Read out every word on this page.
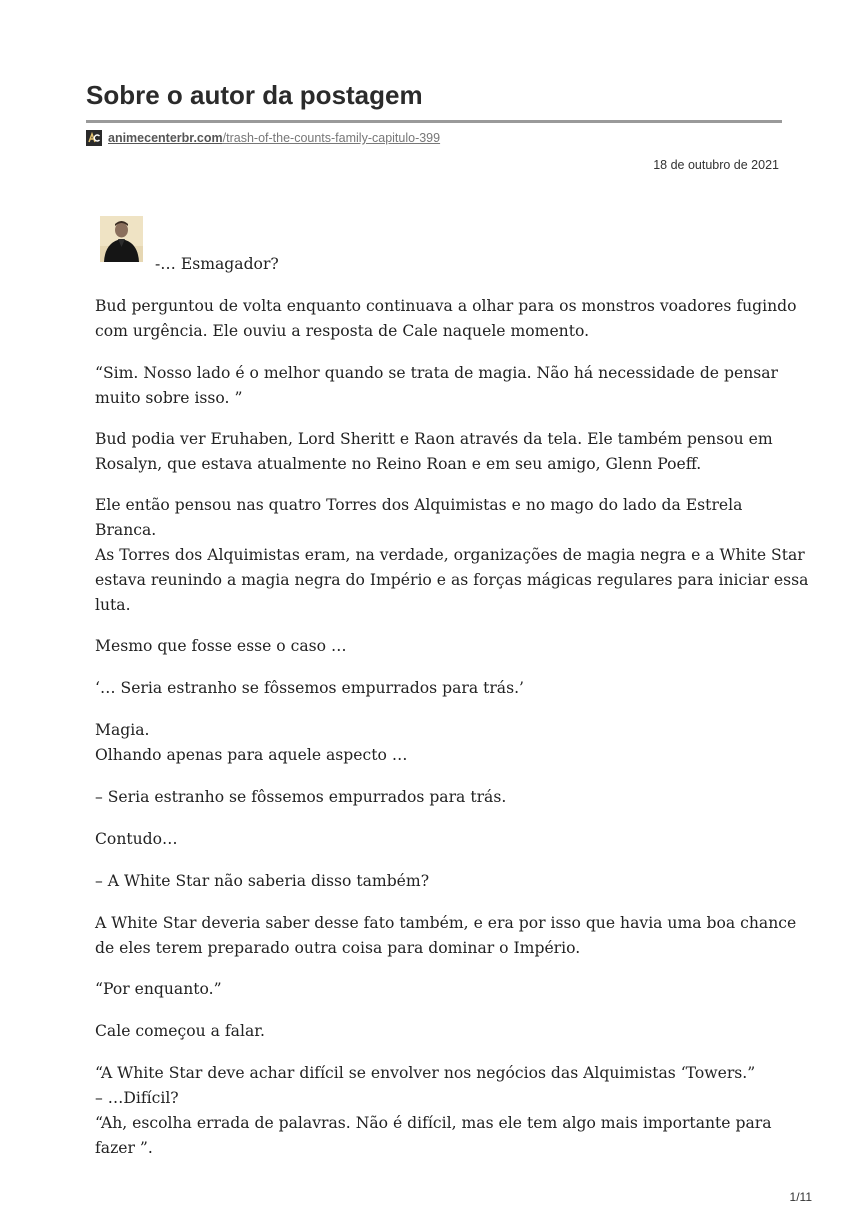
Sobre o autor da postagem
animecenterbr.com /trash-of-the-counts-family-capitulo-399
18 de outubro de 2021
-… Esmagador?
Bud perguntou de volta enquanto continuava a olhar para os monstros voadores fugindo
com urgência. Ele ouviu a resposta de Cale naquele momento.
“Sim. Nosso lado é o melhor quando se trata de magia. Não há necessidade de pensar
muito sobre isso. ”
Bud podia ver Eruhaben, Lord Sheritt e Raon através da tela. Ele também pensou em
Rosalyn, que estava atualmente no Reino Roan e em seu amigo, Glenn Poeff.
Ele então pensou nas quatro Torres dos Alquimistas e no mago do lado da Estrela
Branca.
As Torres dos Alquimistas eram, na verdade, organizações de magia negra e a White Star
estava reunindo a magia negra do Império e as forças mágicas regulares para iniciar essa
luta.
Mesmo que fosse esse o caso …
‘… Seria estranho se fôssemos empurrados para trás.’
Magia.
Olhando apenas para aquele aspecto …
– Seria estranho se fôssemos empurrados para trás.
Contudo…
– A White Star não saberia disso também?
A White Star deveria saber desse fato também, e era por isso que havia uma boa chance
de eles terem preparado outra coisa para dominar o Império.
“Por enquanto.”
Cale começou a falar.
“A White Star deve achar difícil se envolver nos negócios das Alquimistas ‘Towers.”
– …Difícil?
“Ah, escolha errada de palavras. Não é difícil, mas ele tem algo mais importante para
fazer ”.
1/11
